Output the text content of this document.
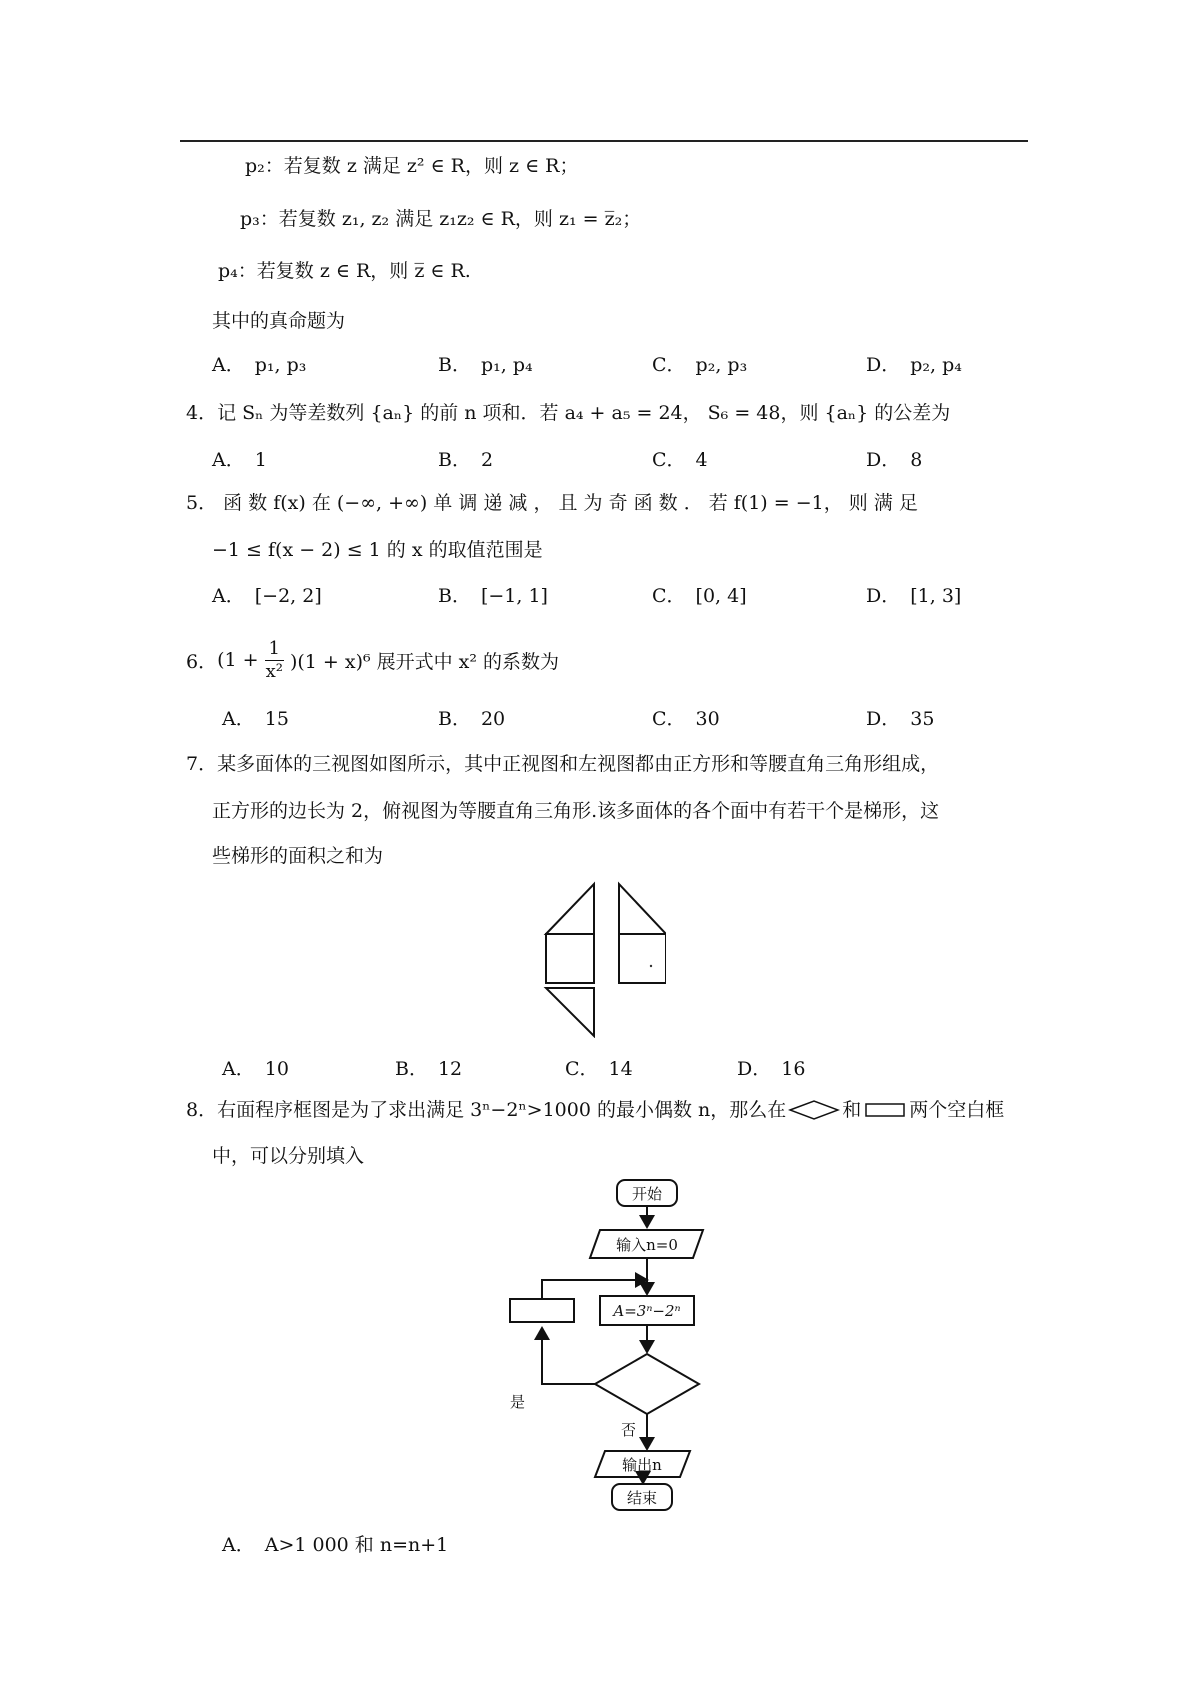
p₂：若复数 z 满足 z² ∈ R，则 z ∈ R；
p₃：若复数 z₁, z₂ 满足 z₁z₂ ∈ R，则 z₁ = z̅₂；
p₄：若复数 z ∈ R，则 z̅ ∈ R.
其中的真命题为
A． p₁, p₃	B． p₁, p₄	C． p₂, p₃	D． p₂, p₄
4．记 Sₙ 为等差数列 {aₙ} 的前 n 项和．若 a₄ + a₅ = 24， S₆ = 48，则 {aₙ} 的公差为
A． 1	B． 2	C． 4	D． 8
5． 函 数 f(x) 在 (−∞, +∞) 单 调 递 减 ， 且 为 奇 函 数 ． 若 f(1) = −1， 则 满 足
−1 ≤ f(x − 2) ≤ 1 的 x 的取值范围是
A． [−2, 2]	B． [−1, 1]	C． [0, 4]	D． [1, 3]
6． $(1 + \frac{1}{\text{x²}} )(1 + x)^6$ 展开式中 x² 的系数为
A． 15	B． 20	C． 30	D． 35
7．某多面体的三视图如图所示，其中正视图和左视图都由正方形和等腰直角三角形组成，
正方形的边长为 2，俯视图为等腰直角三角形.该多面体的各个面中有若干个是梯形，这
些梯形的面积之和为
A． 10	B． 12	C． 14	D． 16
8．右面程序框图是为了求出满足 3ⁿ−2ⁿ>1000 的最小偶数 n，那么在	和	两个空白框
中，可以分别填入
开始
输入n=0
A=3ⁿ−2ⁿ
是
否
输出n
结束
A． A>1 000 和 n=n+1
